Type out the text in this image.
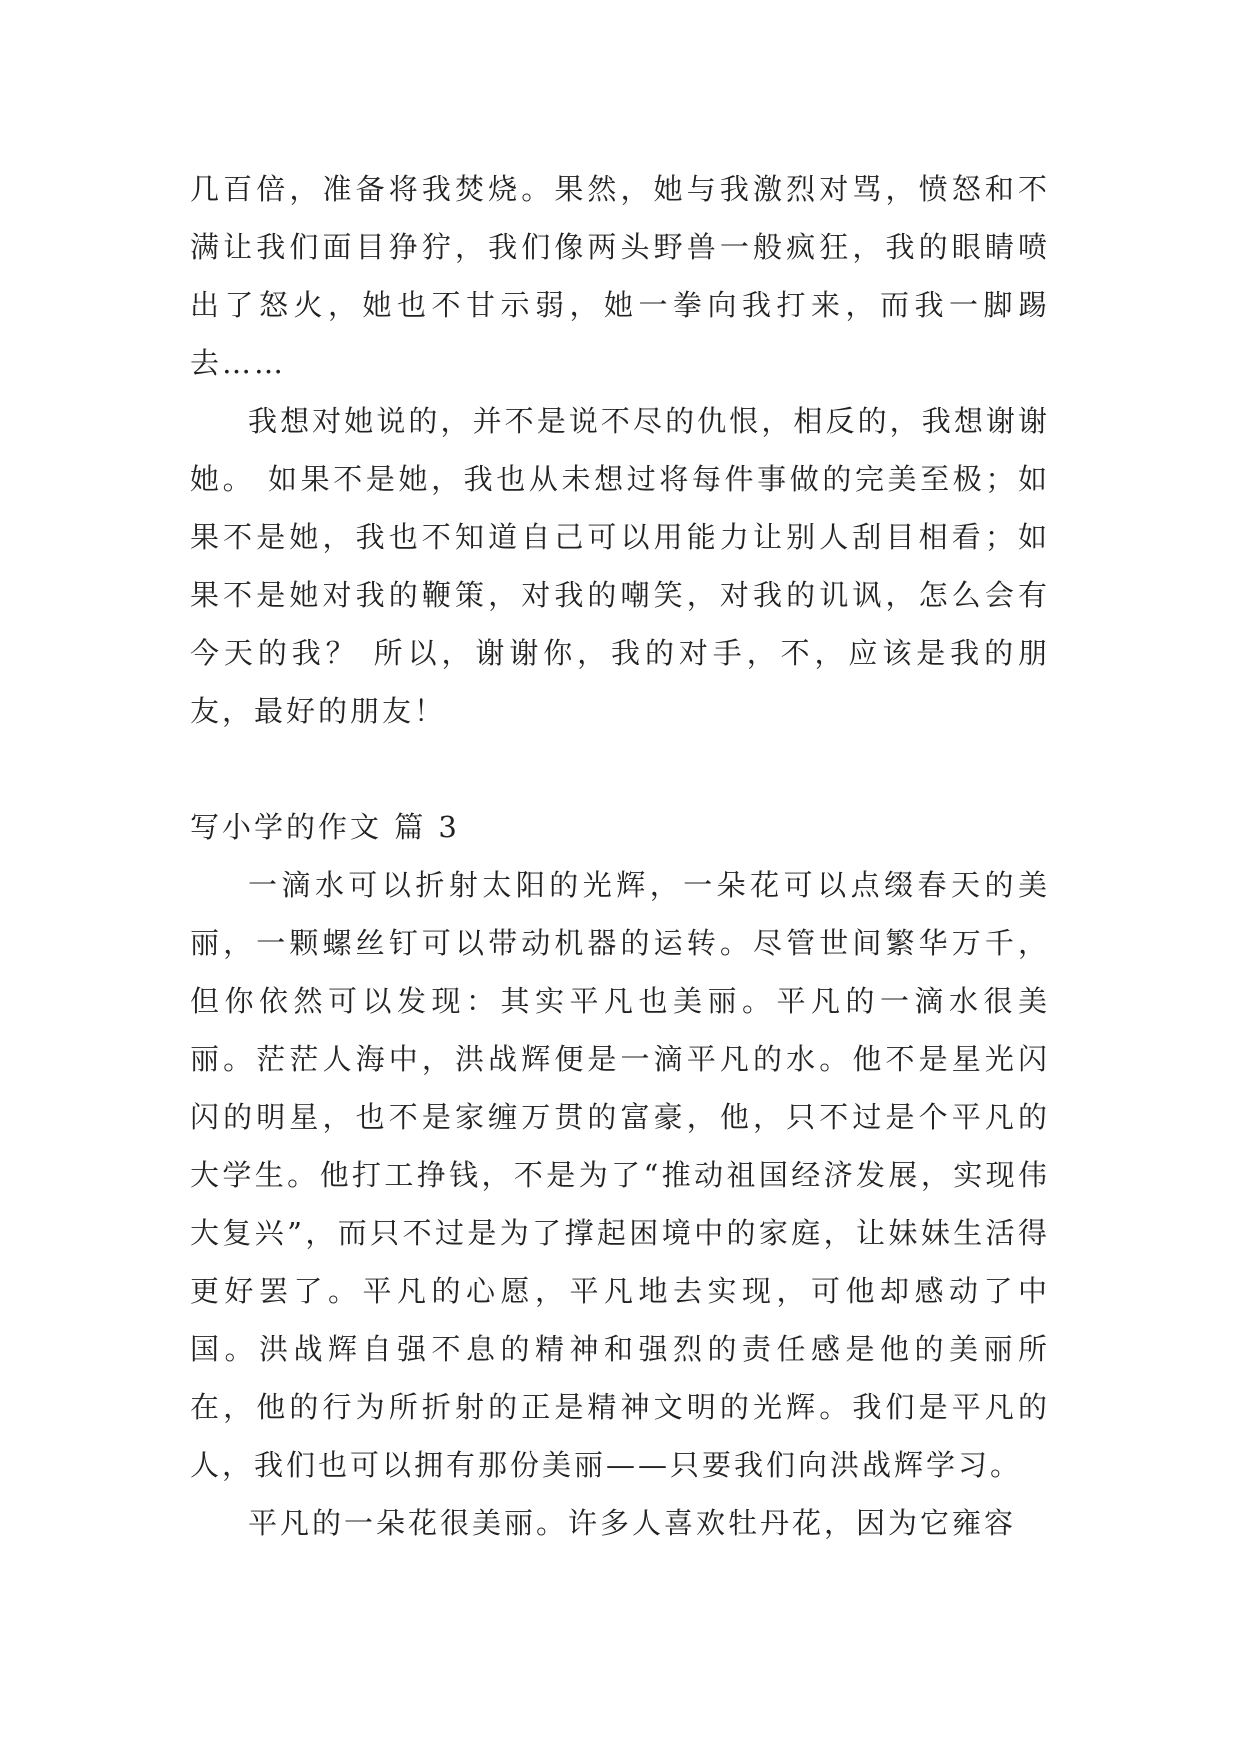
几百倍，准备将我焚烧。果然，她与我激烈对骂，愤怒和不满让我们面目狰狞，我们像两头野兽一般疯狂，我的眼睛喷出了怒火，她也不甘示弱，她一拳向我打来，而我一脚踢去……

我想对她说的，并不是说不尽的仇恨，相反的，我想谢谢她。 如果不是她，我也从未想过将每件事做的完美至极；如果不是她，我也不知道自己可以用能力让别人刮目相看；如果不是她对我的鞭策，对我的嘲笑，对我的讥讽，怎么会有今天的我？ 所以，谢谢你，我的对手，不，应该是我的朋友，最好的朋友！

写小学的作文 篇 3

一滴水可以折射太阳的光辉，一朵花可以点缀春天的美丽，一颗螺丝钉可以带动机器的运转。尽管世间繁华万千，但你依然可以发现：其实平凡也美丽。平凡的一滴水很美丽。茫茫人海中，洪战辉便是一滴平凡的水。他不是星光闪闪的明星，也不是家缠万贯的富豪，他，只不过是个平凡的大学生。他打工挣钱，不是为了“推动祖国经济发展，实现伟大复兴”，而只不过是为了撑起困境中的家庭，让妹妹生活得更好罢了。平凡的心愿，平凡地去实现，可他却感动了中国。洪战辉自强不息的精神和强烈的责任感是他的美丽所在，他的行为所折射的正是精神文明的光辉。我们是平凡的人，我们也可以拥有那份美丽——只要我们向洪战辉学习。

平凡的一朵花很美丽。许多人喜欢牡丹花，因为它雍容
